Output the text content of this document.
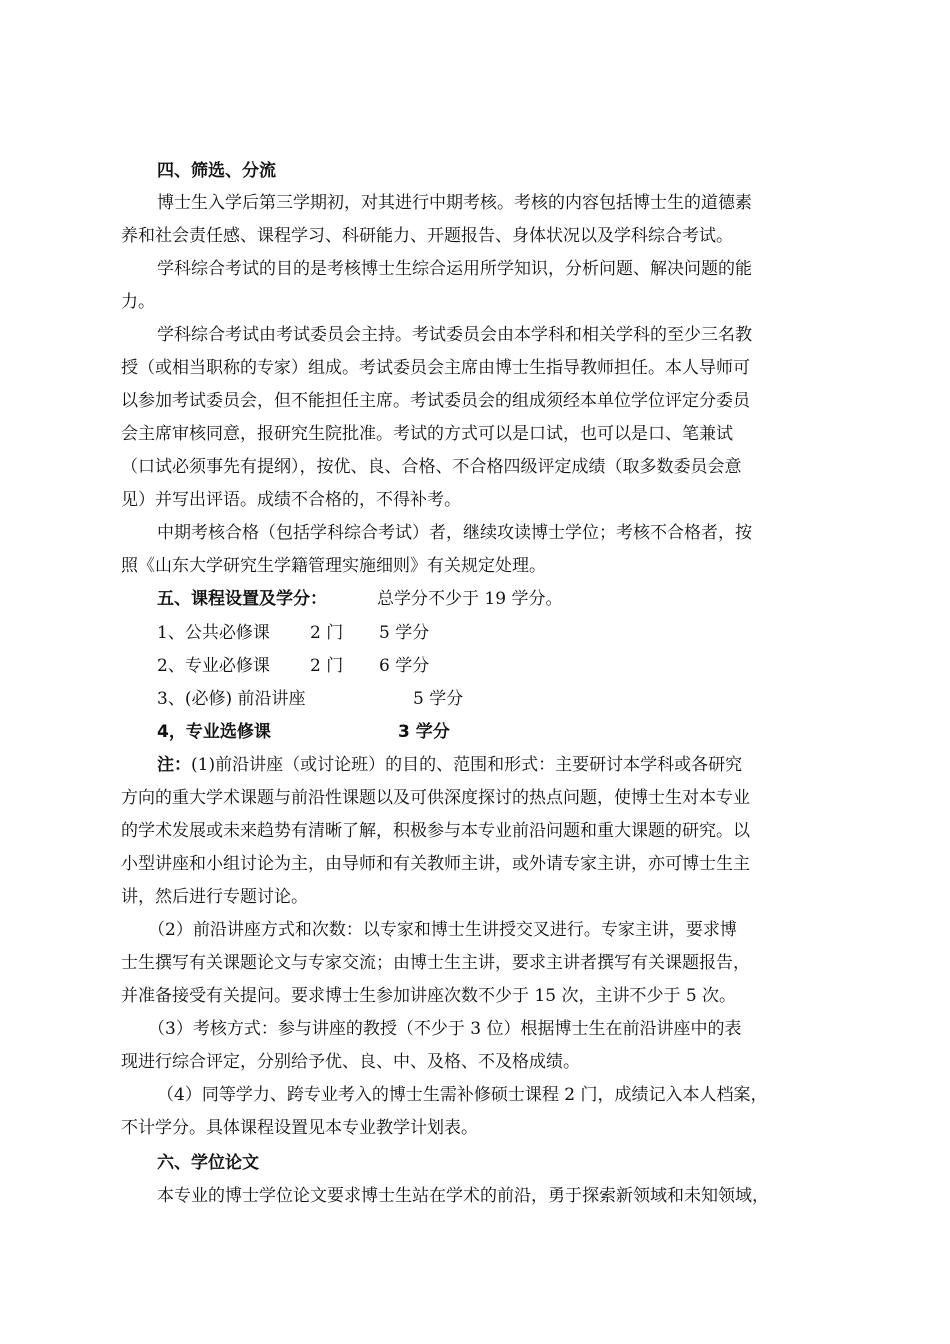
四、筛选、分流
博士生入学后第三学期初，对其进行中期考核。考核的内容包括博士生的道德素
养和社会责任感、课程学习、科研能力、开题报告、身体状况以及学科综合考试。
学科综合考试的目的是考核博士生综合运用所学知识，分析问题、解决问题的能
力。
学科综合考试由考试委员会主持。考试委员会由本学科和相关学科的至少三名教
授（或相当职称的专家）组成。考试委员会主席由博士生指导教师担任。本人导师可
以参加考试委员会，但不能担任主席。考试委员会的组成须经本单位学位评定分委员
会主席审核同意，报研究生院批准。考试的方式可以是口试，也可以是口、笔兼试
（口试必须事先有提纲），按优、良、合格、不合格四级评定成绩（取多数委员会意
见）并写出评语。成绩不合格的，不得补考。
中期考核合格（包括学科综合考试）者，继续攻读博士学位；考核不合格者，按
照《山东大学研究生学籍管理实施细则》有关规定处理。
五、课程设置及学分：	总学分不少于 19 学分。
1、公共必修课 2 门 5 学分
2、专业必修课 2 门 6 学分
3、(必修) 前沿讲座	5 学分
4，专业选修课	3 学分
注：(1)前沿讲座（或讨论班）的目的、范围和形式：主要研讨本学科或各研究
方向的重大学术课题与前沿性课题以及可供深度探讨的热点问题，使博士生对本专业
的学术发展或未来趋势有清晰了解，积极参与本专业前沿问题和重大课题的研究。以
小型讲座和小组讨论为主，由导师和有关教师主讲，或外请专家主讲，亦可博士生主
讲，然后进行专题讨论。
（2）前沿讲座方式和次数：以专家和博士生讲授交叉进行。专家主讲，要求博
士生撰写有关课题论文与专家交流；由博士生主讲，要求主讲者撰写有关课题报告，
并准备接受有关提问。要求博士生参加讲座次数不少于 15 次，主讲不少于 5 次。
（3）考核方式：参与讲座的教授（不少于 3 位）根据博士生在前沿讲座中的表
现进行综合评定，分别给予优、良、中、及格、不及格成绩。
（4）同等学力、跨专业考入的博士生需补修硕士课程 2 门，成绩记入本人档案，
不计学分。具体课程设置见本专业教学计划表。
六、学位论文
本专业的博士学位论文要求博士生站在学术的前沿，勇于探索新领域和未知领域，
